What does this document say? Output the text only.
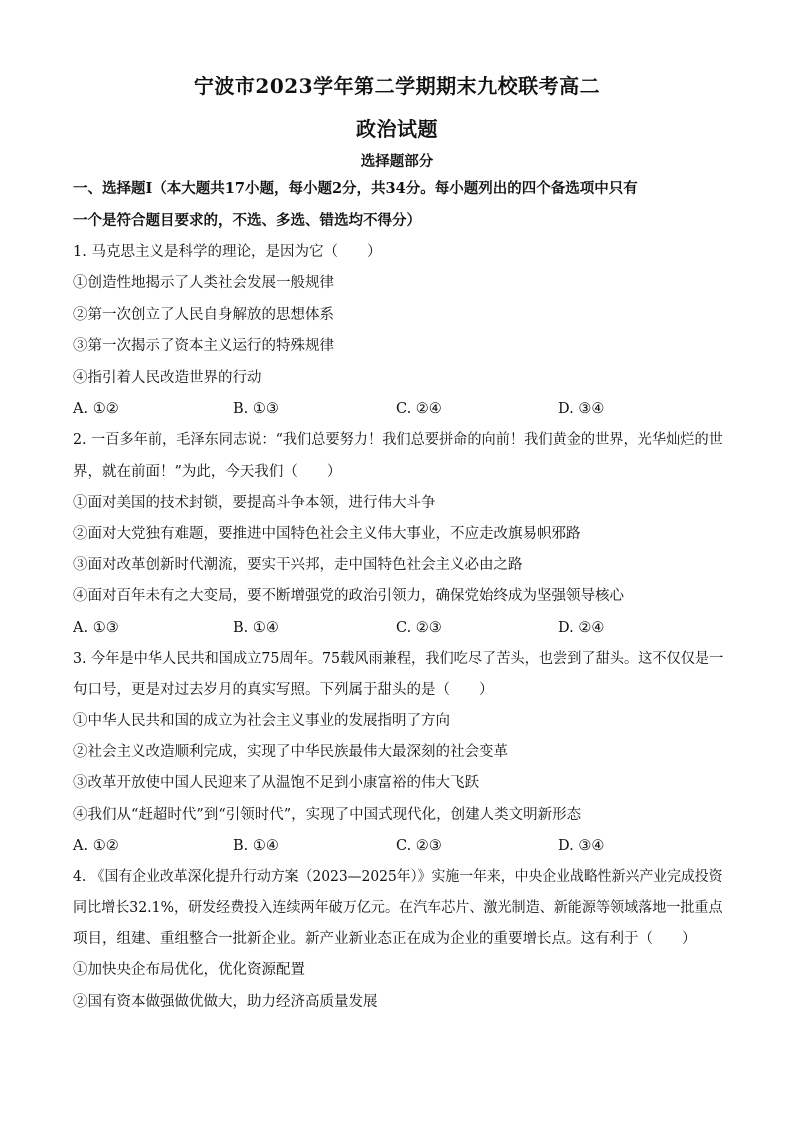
宁波市2023学年第二学期期末九校联考高二
政治试题
选择题部分
一、选择题Ⅰ（本大题共17小题，每小题2分，共34分。每小题列出的四个备选项中只有
一个是符合题目要求的，不选、多选、错选均不得分）
1. 马克思主义是科学的理论，是因为它（　　）
①创造性地揭示了人类社会发展一般规律
②第一次创立了人民自身解放的思想体系
③第一次揭示了资本主义运行的特殊规律
④指引着人民改造世界的行动
A. ①②	B. ①③	C. ②④	D. ③④
2. 一百多年前，毛泽东同志说：“我们总要努力！我们总要拼命的向前！我们黄金的世界，光华灿烂的世
界，就在前面！”为此，今天我们（　　）
①面对美国的技术封锁，要提高斗争本领，进行伟大斗争
②面对大党独有难题，要推进中国特色社会主义伟大事业，不应走改旗易帜邪路
③面对改革创新时代潮流，要实干兴邦，走中国特色社会主义必由之路
④面对百年未有之大变局，要不断增强党的政治引领力，确保党始终成为坚强领导核心
A. ①③	B. ①④	C. ②③	D. ②④
3. 今年是中华人民共和国成立75周年。75载风雨兼程，我们吃尽了苦头，也尝到了甜头。这不仅仅是一
句口号，更是对过去岁月的真实写照。下列属于甜头的是（　　）
①中华人民共和国的成立为社会主义事业的发展指明了方向
②社会主义改造顺利完成，实现了中华民族最伟大最深刻的社会变革
③改革开放使中国人民迎来了从温饱不足到小康富裕的伟大飞跃
④我们从“赶超时代”到“引领时代”，实现了中国式现代化，创建人类文明新形态
A. ①②	B. ①④	C. ②③	D. ③④
4. 《国有企业改革深化提升行动方案（2023—2025年）》实施一年来，中央企业战略性新兴产业完成投资
同比增长32.1%，研发经费投入连续两年破万亿元。在汽车芯片、激光制造、新能源等领域落地一批重点
项目，组建、重组整合一批新企业。新产业新业态正在成为企业的重要增长点。这有利于（　　）
①加快央企布局优化，优化资源配置
②国有资本做强做优做大，助力经济高质量发展
